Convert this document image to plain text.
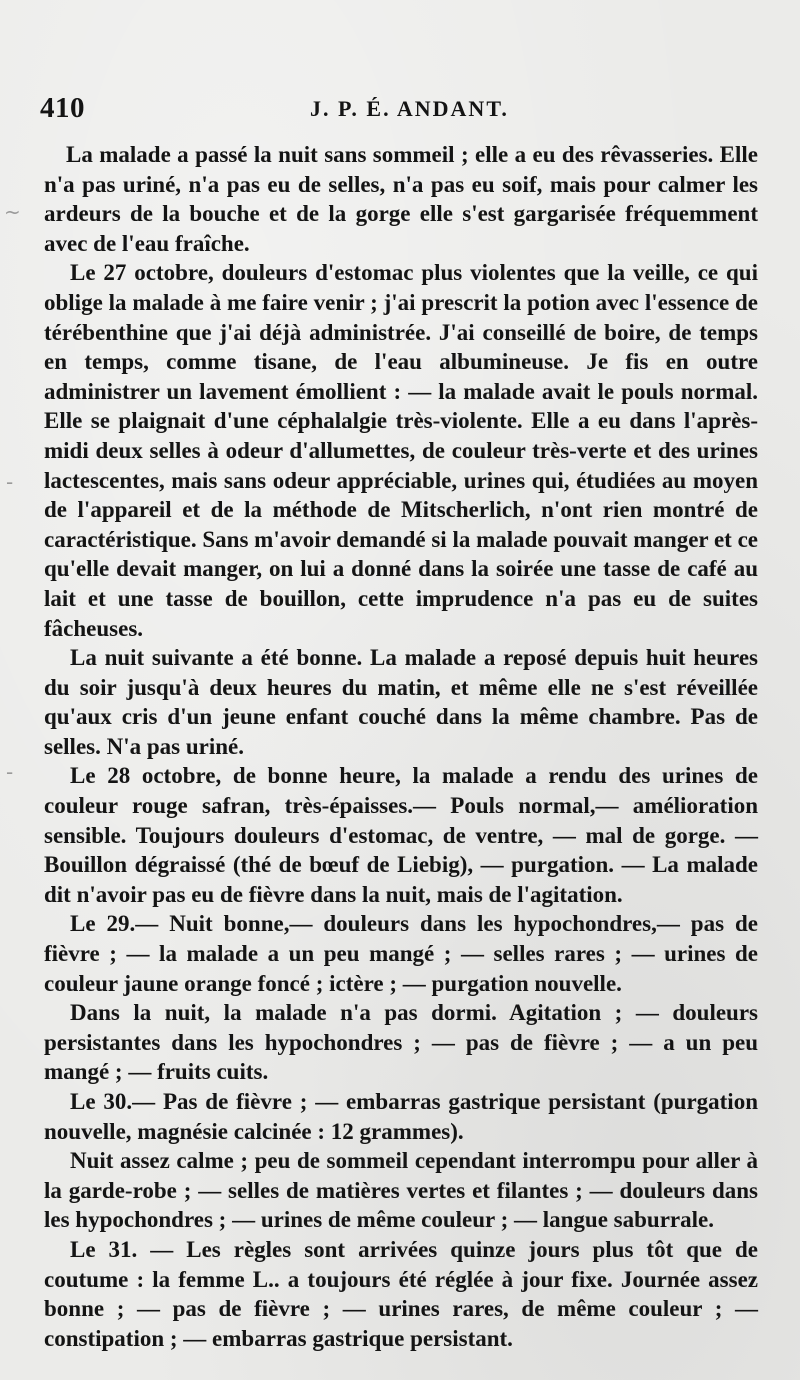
410	J. P. É. ANDANT.

La malade a passé la nuit sans sommeil ; elle a eu des rêvasseries. Elle n'a pas uriné, n'a pas eu de selles, n'a pas eu soif, mais pour calmer les ardeurs de la bouche et de la gorge elle s'est gargarisée fréquemment avec de l'eau fraîche.

Le 27 octobre, douleurs d'estomac plus violentes que la veille, ce qui oblige la malade à me faire venir ; j'ai prescrit la potion avec l'essence de térébenthine que j'ai déjà administrée. J'ai conseillé de boire, de temps en temps, comme tisane, de l'eau albumineuse. Je fis en outre administrer un lavement émollient : — la malade avait le pouls normal. Elle se plaignait d'une céphalalgie très-violente. Elle a eu dans l'après-midi deux selles à odeur d'allumettes, de couleur très-verte et des urines lactescentes, mais sans odeur appréciable, urines qui, étudiées au moyen de l'appareil et de la méthode de Mitscherlich, n'ont rien montré de caractéristique. Sans m'avoir demandé si la malade pouvait manger et ce qu'elle devait manger, on lui a donné dans la soirée une tasse de café au lait et une tasse de bouillon, cette imprudence n'a pas eu de suites fâcheuses.

La nuit suivante a été bonne. La malade a reposé depuis huit heures du soir jusqu'à deux heures du matin, et même elle ne s'est réveillée qu'aux cris d'un jeune enfant couché dans la même chambre. Pas de selles. N'a pas uriné.

Le 28 octobre, de bonne heure, la malade a rendu des urines de couleur rouge safran, très-épaisses.— Pouls normal,— amélioration sensible. Toujours douleurs d'estomac, de ventre, — mal de gorge. — Bouillon dégraissé (thé de bœuf de Liebig), — purgation. — La malade dit n'avoir pas eu de fièvre dans la nuit, mais de l'agitation.

Le 29.— Nuit bonne,— douleurs dans les hypochondres,— pas de fièvre ; — la malade a un peu mangé ; — selles rares ; — urines de couleur jaune orange foncé ; ictère ; — purgation nouvelle.

Dans la nuit, la malade n'a pas dormi. Agitation ; — douleurs persistantes dans les hypochondres ; — pas de fièvre ; — a un peu mangé ; — fruits cuits.

Le 30.— Pas de fièvre ; — embarras gastrique persistant (purgation nouvelle, magnésie calcinée : 12 grammes).

Nuit assez calme ; peu de sommeil cependant interrompu pour aller à la garde-robe ; — selles de matières vertes et filantes ; — douleurs dans les hypochondres ; — urines de même couleur ; — langue saburrale.

Le 31. — Les règles sont arrivées quinze jours plus tôt que de coutume : la femme L.. a toujours été réglée à jour fixe. Journée assez bonne ; — pas de fièvre ; — urines rares, de même couleur ; — constipation ; — embarras gastrique persistant.

~
-
-
